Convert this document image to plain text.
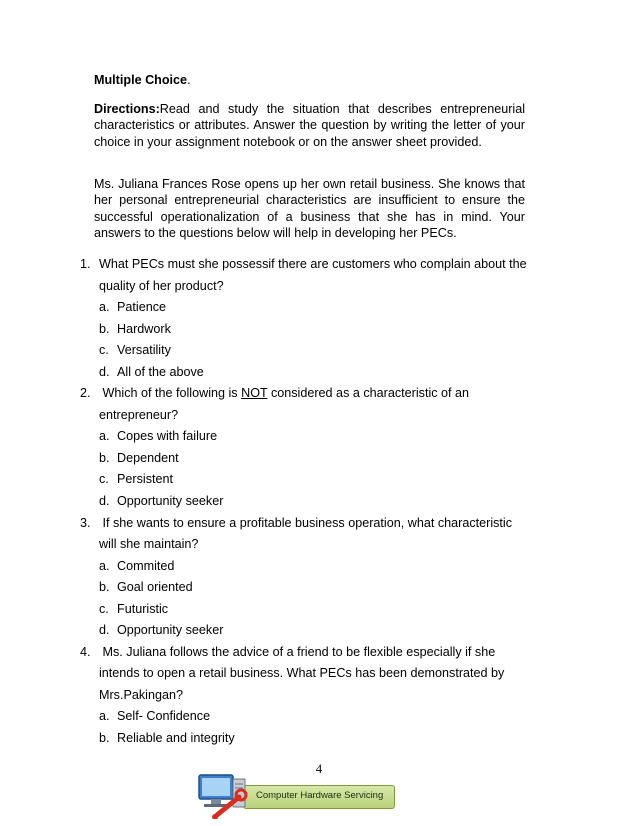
Multiple Choice.
Directions:Read and study the situation that describes entrepreneurial characteristics or attributes. Answer the question by writing the letter of your choice in your assignment notebook or on the answer sheet provided.
Ms. Juliana Frances Rose opens up her own retail business. She knows that her personal entrepreneurial characteristics are insufficient to ensure the successful operationalization of a business that she has in mind. Your answers to the questions below will help in developing her PECs.
1. What PECs must she possessif there are customers who complain about the
quality of her product?
a. Patience
b. Hardwork
c. Versatility
d. All of the above
2. Which of the following is NOT considered as a characteristic of an
entrepreneur?
a. Copes with failure
b. Dependent
c. Persistent
d. Opportunity seeker
3. If she wants to ensure a profitable business operation, what characteristic
will she maintain?
a. Commited
b. Goal oriented
c. Futuristic
d. Opportunity seeker
4. Ms. Juliana follows the advice of a friend to be flexible especially if she
intends to open a retail business. What PECs has been demonstrated by
Mrs.Pakingan?
a. Self- Confidence
b. Reliable and integrity
4
Computer Hardware Servicing
